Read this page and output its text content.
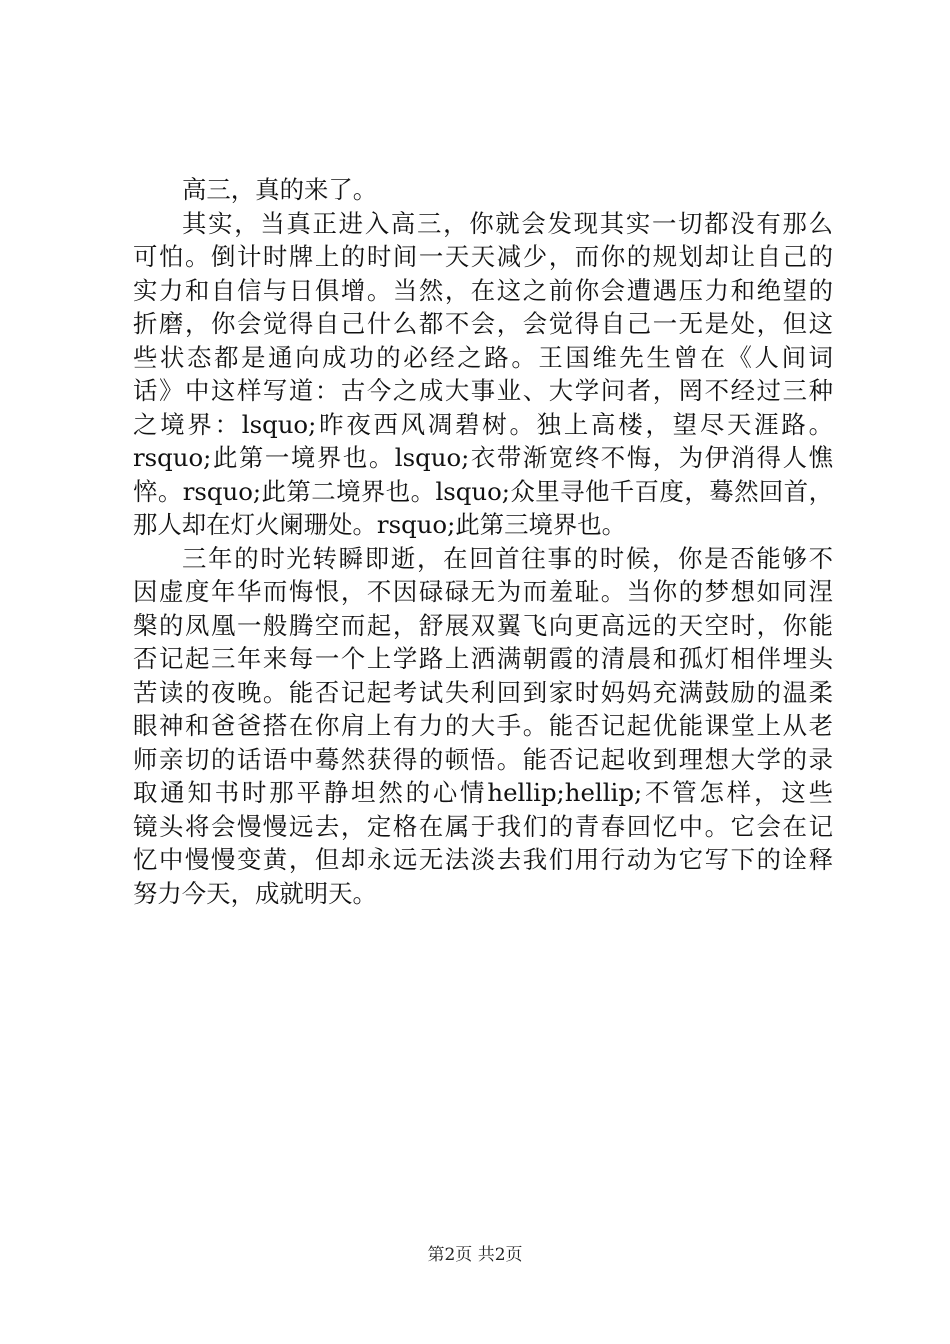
高三，真的来了。
其实，当真正进入高三，你就会发现其实一切都没有那么
可怕。倒计时牌上的时间一天天减少，而你的规划却让自己的
实力和自信与日俱增。当然，在这之前你会遭遇压力和绝望的
折磨，你会觉得自己什么都不会，会觉得自己一无是处，但这
些状态都是通向成功的必经之路。王国维先生曾在《人间词
话》中这样写道：古今之成大事业、大学问者，罔不经过三种
之境界：lsquo;昨夜西风凋碧树。独上高楼，望尽天涯路。
rsquo;此第一境界也。lsquo;衣带渐宽终不悔，为伊消得人憔
悴。rsquo;此第二境界也。lsquo;众里寻他千百度，蓦然回首，
那人却在灯火阑珊处。rsquo;此第三境界也。
三年的时光转瞬即逝，在回首往事的时候，你是否能够不
因虚度年华而悔恨，不因碌碌无为而羞耻。当你的梦想如同涅
槃的凤凰一般腾空而起，舒展双翼飞向更高远的天空时，你能
否记起三年来每一个上学路上洒满朝霞的清晨和孤灯相伴埋头
苦读的夜晚。能否记起考试失利回到家时妈妈充满鼓励的温柔
眼神和爸爸搭在你肩上有力的大手。能否记起优能课堂上从老
师亲切的话语中蓦然获得的顿悟。能否记起收到理想大学的录
取通知书时那平静坦然的心情hellip;hellip;不管怎样，这些
镜头将会慢慢远去，定格在属于我们的青春回忆中。它会在记
忆中慢慢变黄，但却永远无法淡去我们用行动为它写下的诠释
努力今天，成就明天。
第2页 共2页
